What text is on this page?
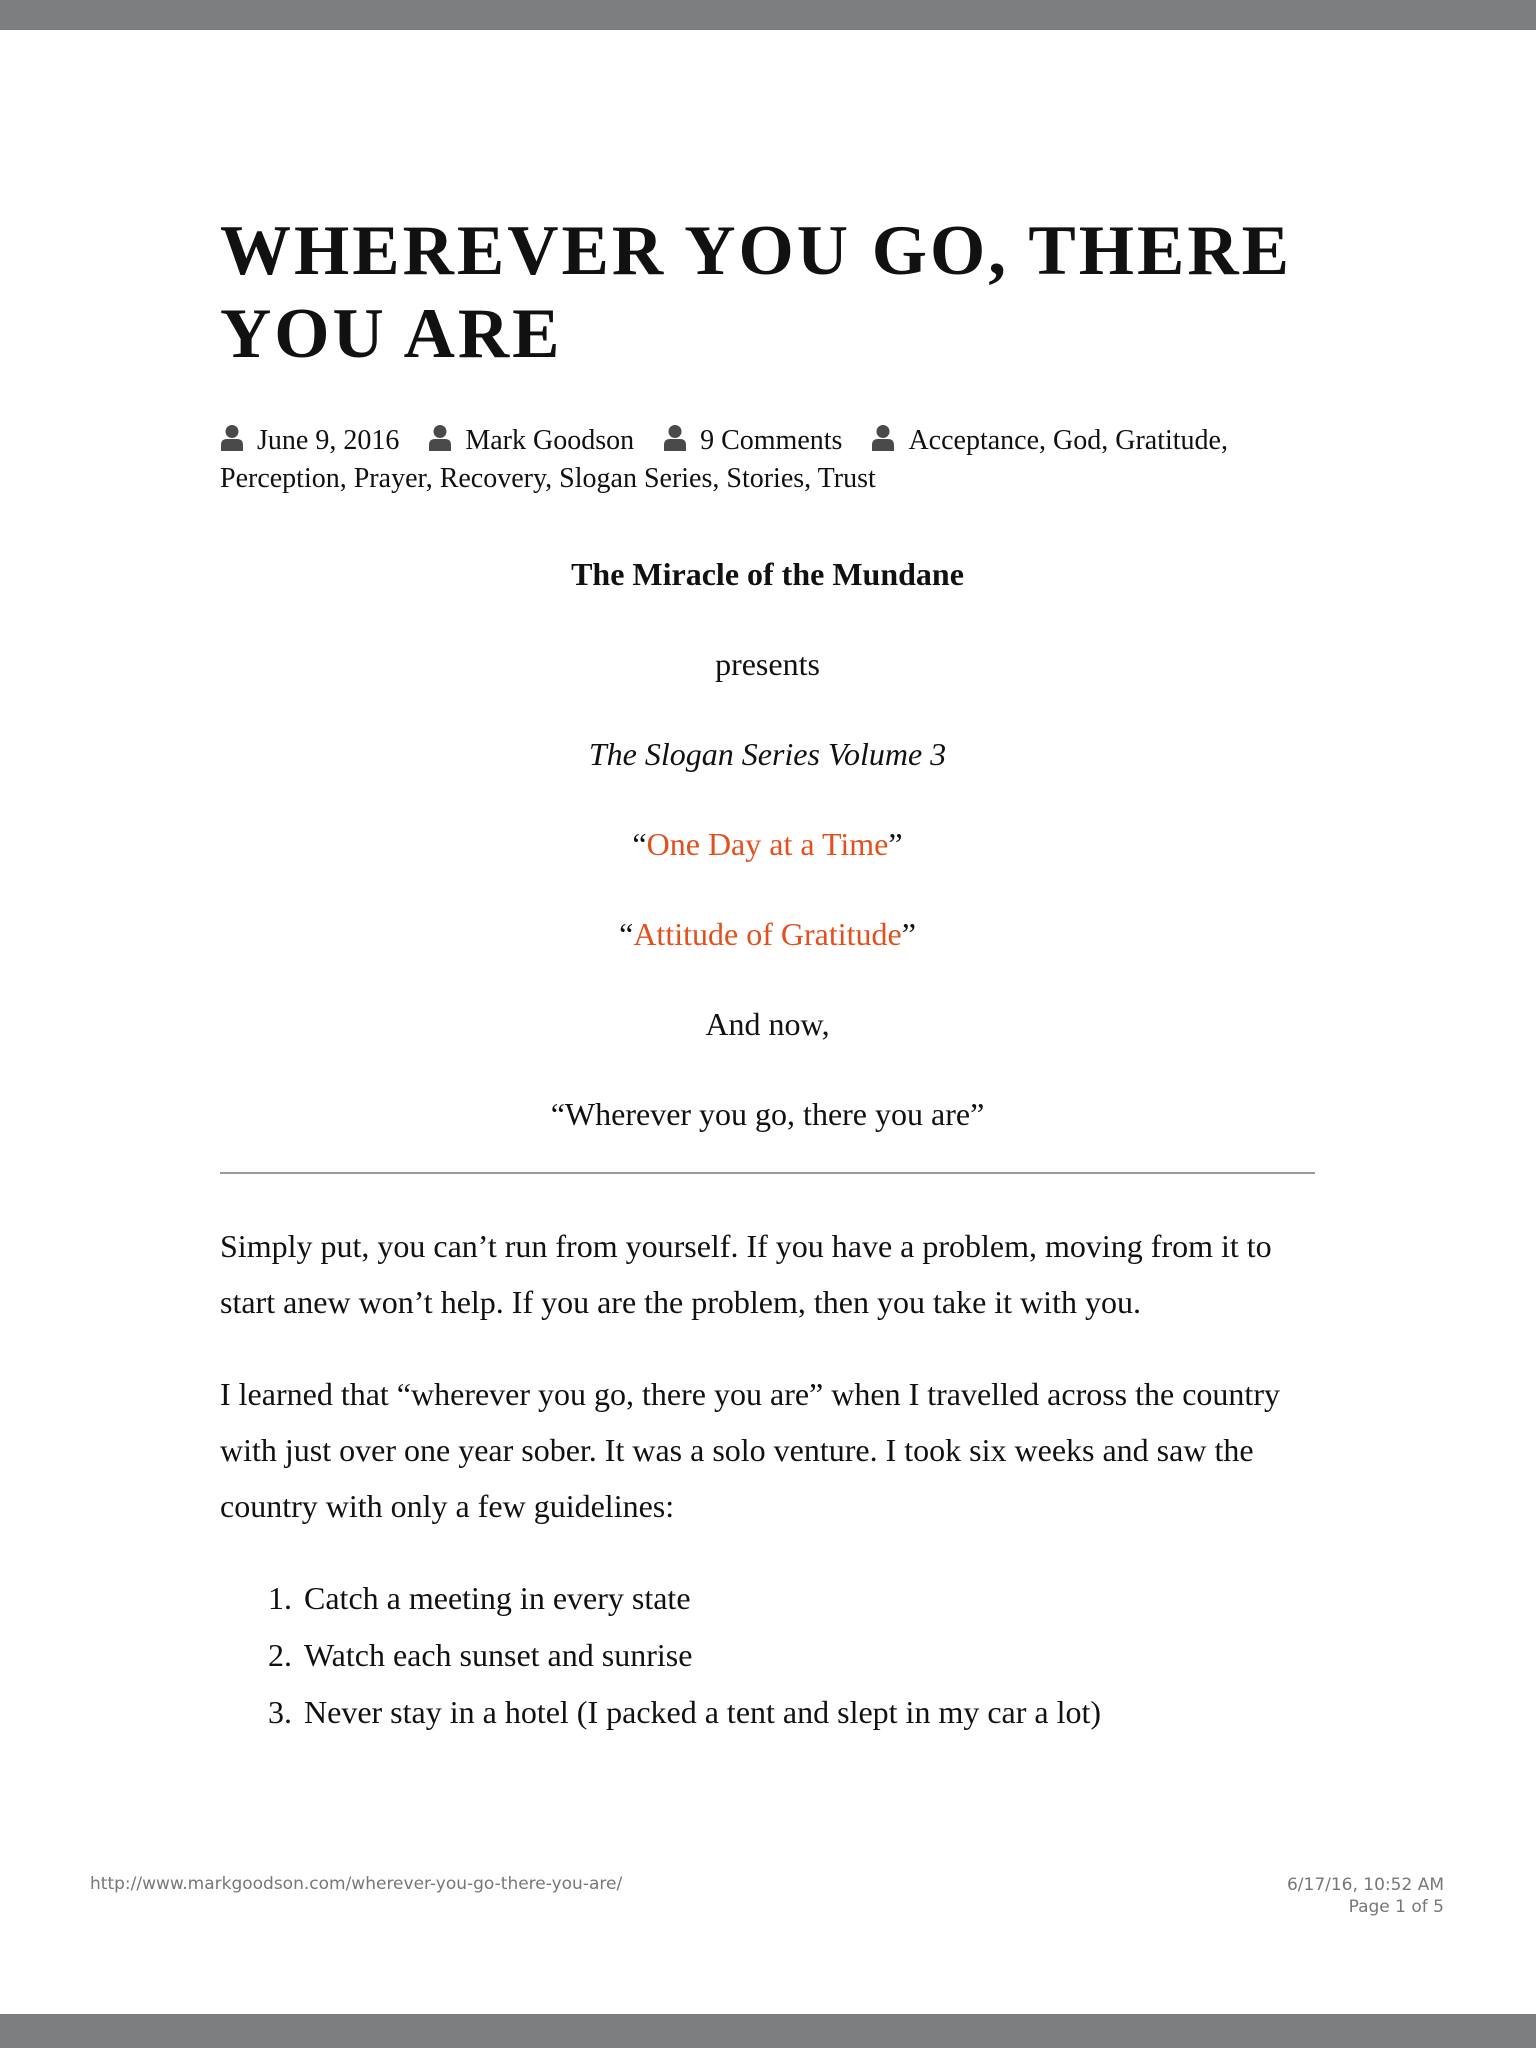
WHEREVER YOU GO, THERE YOU ARE
June 9, 2016 Mark Goodson 9 Comments Acceptance, God, Gratitude, Perception, Prayer, Recovery, Slogan Series, Stories, Trust

The Miracle of the Mundane

presents

The Slogan Series Volume 3

“One Day at a Time”

“Attitude of Gratitude”

And now,

“Wherever you go, there you are”

Simply put, you can’t run from yourself. If you have a problem, moving from it to start anew won’t help. If you are the problem, then you take it with you.

I learned that “wherever you go, there you are” when I travelled across the country with just over one year sober. It was a solo venture. I took six weeks and saw the country with only a few guidelines:

1. Catch a meeting in every state
2. Watch each sunset and sunrise
3. Never stay in a hotel (I packed a tent and slept in my car a lot)
http://www.markgoodson.com/wherever-you-go-there-you-are/	6/17/16, 10:52 AM
Page 1 of 5
